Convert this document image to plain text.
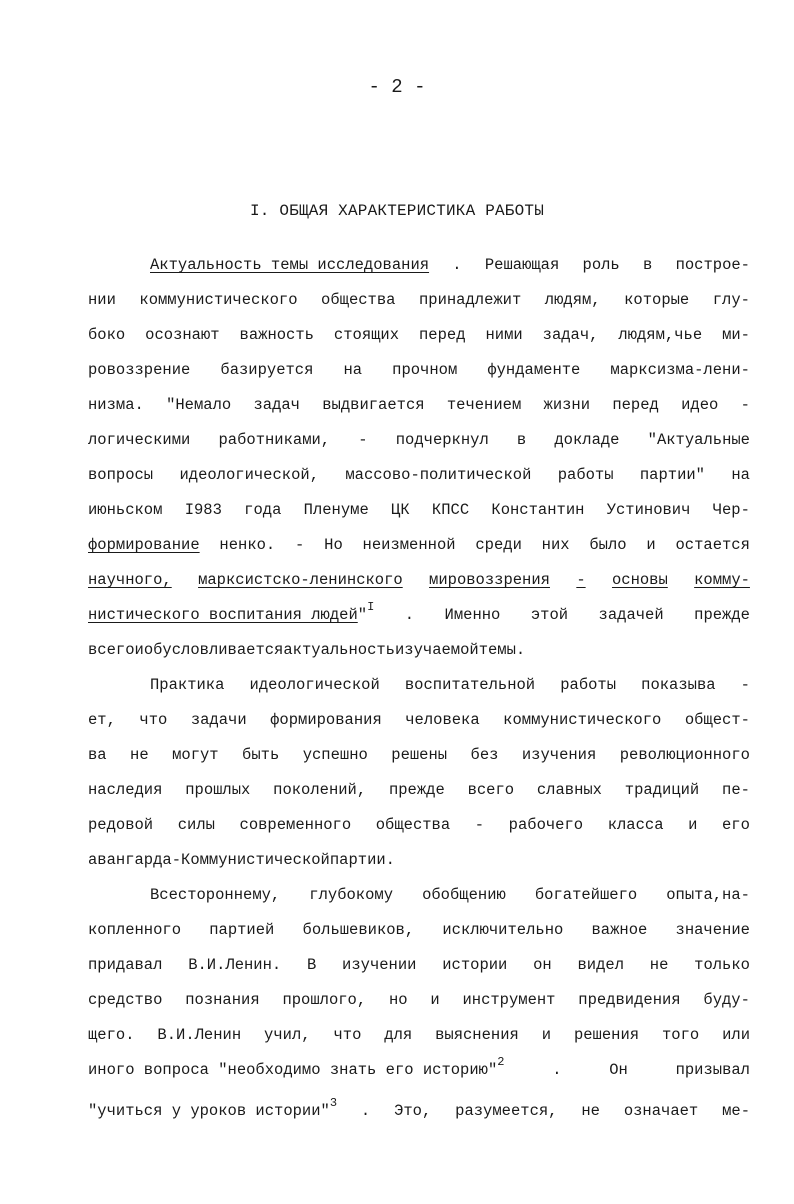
- 2 -
I. ОБЩАЯ ХАРАКТЕРИСТИКА РАБОТЫ
Актуальность темы исследования . Решающая роль в построе-
нии коммунистического общества принадлежит людям, которые глу-
боко осознают важность стоящих перед ними задач, людям,чье ми-
ровоззрение базируется на прочном фундаменте марксизма-лени-
низма. "Немало задач выдвигается течением жизни перед идео -
логическими работниками, - подчеркнул в докладе "Актуальные
вопросы идеологической, массово-политической работы партии" на
июньском I983 года Пленуме ЦК КПСС Константин Устинович Чер-
формирование ненко. - Но неизменной среди них было и остается
научного, марксистско-ленинского мировоззрения - основы комму-
нистического воспитания людей"$^I$ . Именно этой задачей прежде
всего и обусловливается актуальность изучаемой темы.
Практика идеологической воспитательной работы показыва -
ет, что задачи формирования человека коммунистического общест-
ва не могут быть успешно решены без изучения революционного
наследия прошлых поколений, прежде всего славных традиций пе-
редовой силы современного общества - рабочего класса и его
авангарда - Коммунистической партии.
Всестороннему, глубокому обобщению богатейшего опыта,на-
копленного партией большевиков, исключительно важное значение
придавал В.И.Ленин. В изучении истории он видел не только
средство познания прошлого, но и инструмент предвидения буду-
щего. В.И.Ленин учил, что для выяснения и решения того или
иного вопроса "необходимо знать его историю"$^2$	.	Он	призывал
"учиться у уроков истории"$^3$ . Это, разумеется, не означает ме-
